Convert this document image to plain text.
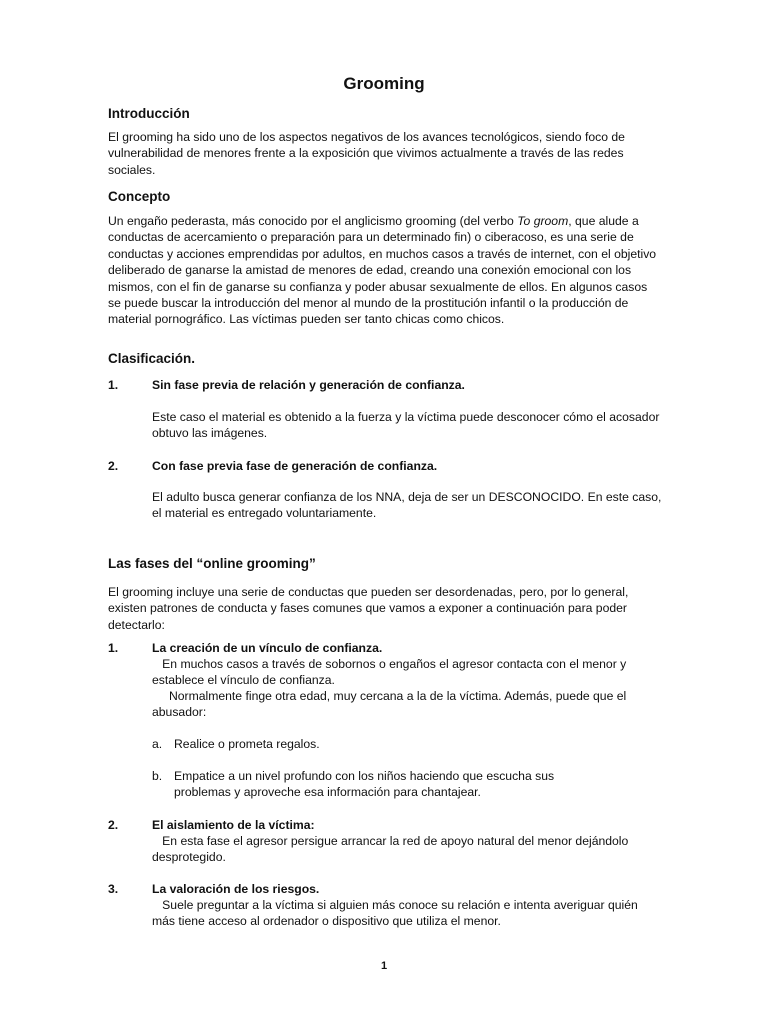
Grooming
Introducción
El grooming ha sido uno de los aspectos negativos de los avances tecnológicos, siendo foco de vulnerabilidad de menores frente a la exposición que vivimos actualmente a través de las redes sociales.
Concepto
Un engaño pederasta, más conocido por el anglicismo grooming (del verbo To groom, que alude a conductas de acercamiento o preparación para un determinado fin) o ciberacoso, es una serie de conductas y acciones emprendidas por adultos, en muchos casos a través de internet, con el objetivo deliberado de ganarse la amistad de menores de edad, creando una conexión emocional con los mismos, con el fin de ganarse su confianza y poder abusar sexualmente de ellos. En algunos casos se puede buscar la introducción del menor al mundo de la prostitución infantil o la producción de material pornográfico. Las víctimas pueden ser tanto chicas como chicos.
Clasificación.
1.	Sin fase previa de relación y generación de confianza.
Este caso el material es obtenido a la fuerza y la víctima puede desconocer cómo el acosador obtuvo las imágenes.
2.	Con fase previa fase de generación de confianza.
El adulto busca generar confianza de los NNA, deja de ser un DESCONOCIDO. En este caso, el material es entregado voluntariamente.
Las fases del “online grooming”
El grooming incluye una serie de conductas que pueden ser desordenadas, pero, por lo general, existen patrones de conducta y fases comunes que vamos a exponer a continuación para poder detectarlo:
1.	La creación de un vínculo de confianza.
En muchos casos a través de sobornos o engaños el agresor contacta con el menor y establece el vínculo de confianza.
Normalmente finge otra edad, muy cercana a la de la víctima. Además, puede que el abusador:
a. Realice o prometa regalos.
b. Empatice a un nivel profundo con los niños haciendo que escucha sus
problemas y aproveche esa información para chantajear.
2.	El aislamiento de la víctima:
En esta fase el agresor persigue arrancar la red de apoyo natural del menor dejándolo desprotegido.
3.	La valoración de los riesgos.
Suele preguntar a la víctima si alguien más conoce su relación e intenta averiguar quién más tiene acceso al ordenador o dispositivo que utiliza el menor.
1
